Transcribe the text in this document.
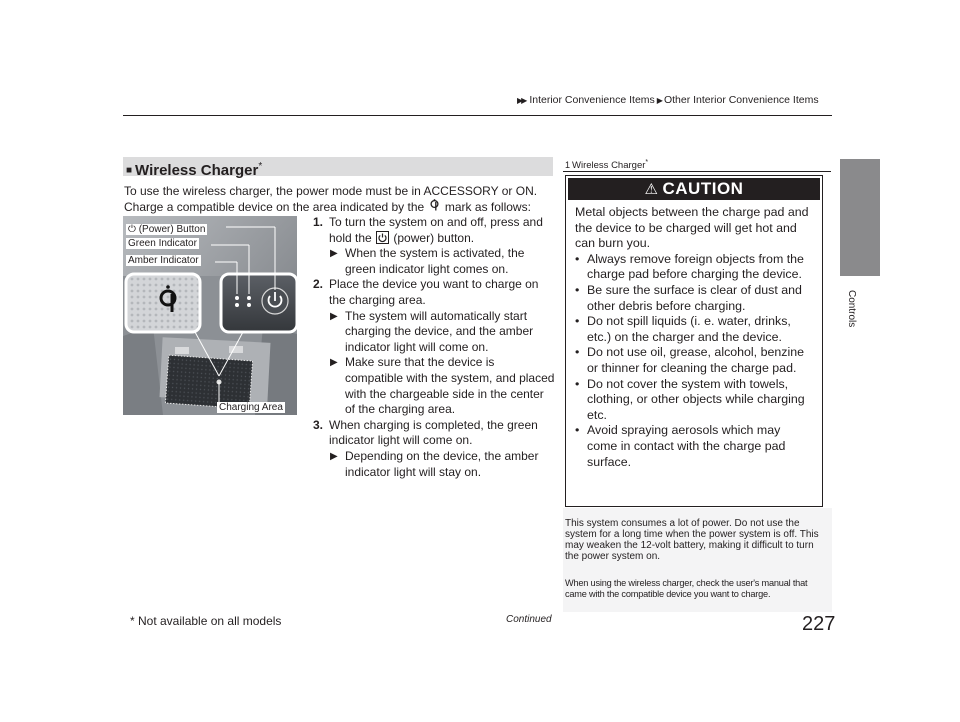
▶▶ Interior Convenience Items ▶ Other Interior Convenience Items
Controls
■ Wireless Charger*
To use the wireless charger, the power mode must be in ACCESSORY or ON. Charge a compatible device on the area indicated by the mark as follows:
⏻ (Power) Button
Green Indicator
Amber Indicator
Charging Area
1. To turn the system on and off, press and hold the (power) button.
▶ When the system is activated, the green indicator light comes on.
2. Place the device you want to charge on the charging area.
▶ The system will automatically start charging the device, and the amber indicator light will come on.
▶ Make sure that the device is compatible with the system, and placed with the chargeable side in the center of the charging area.
3. When charging is completed, the green indicator light will come on.
▶ Depending on the device, the amber indicator light will stay on.
1 Wireless Charger*
⚠ CAUTION
Metal objects between the charge pad and the device to be charged will get hot and can burn you.
• Always remove foreign objects from the charge pad before charging the device.
• Be sure the surface is clear of dust and other debris before charging.
• Do not spill liquids (i. e. water, drinks, etc.) on the charger and the device.
• Do not use oil, grease, alcohol, benzine or thinner for cleaning the charge pad.
• Do not cover the system with towels, clothing, or other objects while charging etc.
• Avoid spraying aerosols which may come in contact with the charge pad surface.
This system consumes a lot of power. Do not use the system for a long time when the power system is off. This may weaken the 12-volt battery, making it difficult to turn the power system on.
When using the wireless charger, check the user's manual that came with the compatible device you want to charge.
* Not available on all models	Continued	227
